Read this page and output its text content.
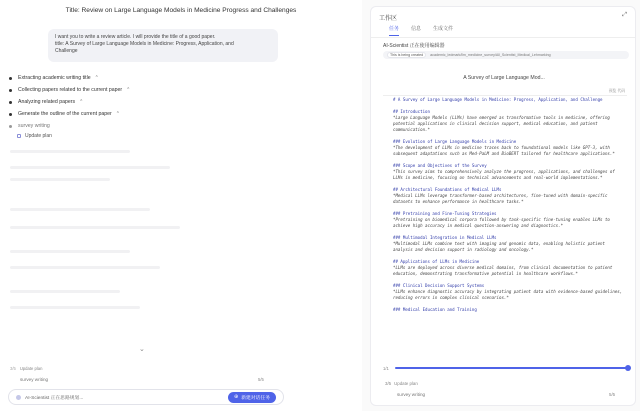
Title: Review on Large Language Models in Medicine Progress and Challenges
I want you to write a review article. I will provide the title of a good paper.
title: A Survey of Large Language Models in Medicine: Progress, Application, and
Challenge
Extracting academic writing title ⌃
Collecting papers related to the current paper ⌃
Analyzing related papers ⌃
Generate the outline of the current paper ⌃
survey writing
Update plan
⌄
3/5 Update plan
survey writing	5/5
AI-Scientist 正在思路规划...	⊕ 新建对话任务
工作区
⤢
任务 信息 生成文件
AI-Scientist 正在使用编辑器
This is being created	academic_ledmark/llm_medicine_survey/All_Scientist_Medical_Lehmarking
A Survey of Large Language Mod...
预览 代码
# A Survey of Large Language Models in Medicine: Progress, Application, and Challenge
## Introduction
*Large Language Models (LLMs) have emerged as transformative tools in medicine, offering potential applications in clinical decision support, medical education, and patient communication.*
### Evolution of Large Language Models in Medicine
*The development of LLMs in medicine traces back to foundational models like GPT-3, with subsequent adaptations such as Med-PaLM and BioBERT tailored for healthcare applications.*
### Scope and Objectives of the Survey
*This survey aims to comprehensively analyze the progress, applications, and challenges of LLMs in medicine, focusing on technical advancements and real-world implementations.*
## Architectural Foundations of Medical LLMs
*Medical LLMs leverage transformer-based architectures, fine-tuned with domain-specific datasets to enhance performance in healthcare tasks.*
### Pretraining and Fine-Tuning Strategies
*Pretraining on biomedical corpora followed by task-specific fine-tuning enables LLMs to achieve high accuracy in medical question-answering and diagnostics.*
### Multimodal Integration in Medical LLMs
*Multimodal LLMs combine text with imaging and genomic data, enabling holistic patient analysis and decision support in radiology and oncology.*
## Applications of LLMs in Medicine
*LLMs are deployed across diverse medical domains, from clinical documentation to patient education, demonstrating transformative potential in healthcare workflows.*
### Clinical Decision Support Systems
*LLMs enhance diagnostic accuracy by integrating patient data with evidence-based guidelines, reducing errors in complex clinical scenarios.*
### Medical Education and Training
1/1
3/5 Update plan
survey writing	5/5
